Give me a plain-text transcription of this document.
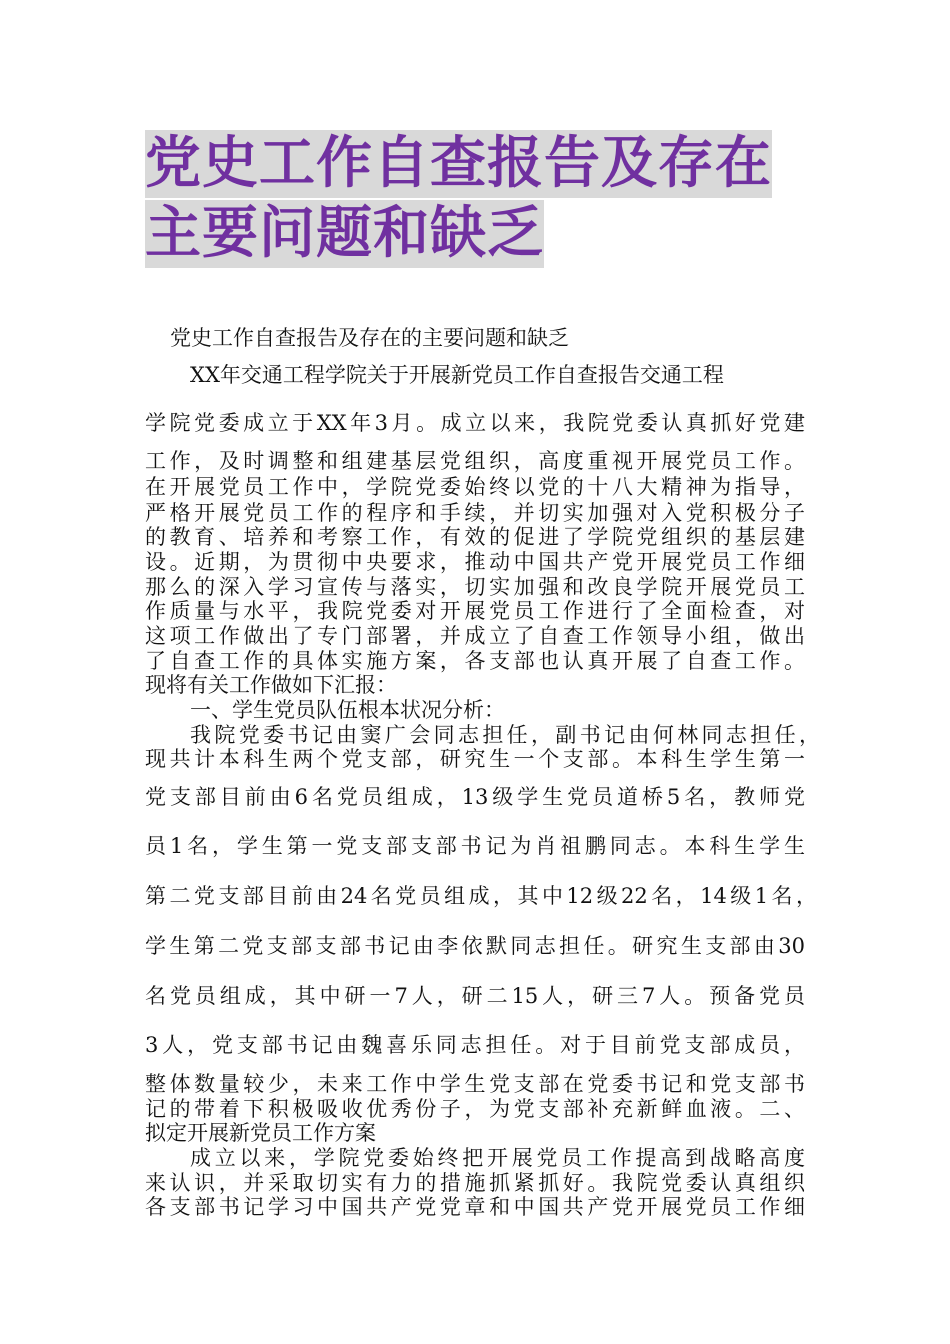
党史工作自查报告及存在
主要问题和缺乏
党史工作自查报告及存在的主要问题和缺乏
XX年交通工程学院关于开展新党员工作自查报告交通工程
学院党委成立于XX年3月。成立以来，我院党委认真抓好党建
工作，及时调整和组建基层党组织，高度重视开展党员工作。
在开展党员工作中，学院党委始终以党的十八大精神为指导，
严格开展党员工作的程序和手续，并切实加强对入党积极分子
的教育、培养和考察工作，有效的促进了学院党组织的基层建
设。近期，为贯彻中央要求，推动中国共产党开展党员工作细
那么的深入学习宣传与落实，切实加强和改良学院开展党员工
作质量与水平，我院党委对开展党员工作进行了全面检查，对
这项工作做出了专门部署，并成立了自查工作领导小组，做出
了自查工作的具体实施方案，各支部也认真开展了自查工作。
现将有关工作做如下汇报：
一、学生党员队伍根本状况分析：
我院党委书记由窦广会同志担任，副书记由何林同志担任，
现共计本科生两个党支部，研究生一个支部。本科生学生第一
党支部目前由6名党员组成，13级学生党员道桥5名，教师党
员1名，学生第一党支部支部书记为肖祖鹏同志。本科生学生
第二党支部目前由24名党员组成，其中12级22名，14级1名，
学生第二党支部支部书记由李依默同志担任。研究生支部由30
名党员组成，其中研一7人，研二15人，研三7人。预备党员
3人，党支部书记由魏喜乐同志担任。对于目前党支部成员，
整体数量较少，未来工作中学生党支部在党委书记和党支部书
记的带着下积极吸收优秀份子，为党支部补充新鲜血液。二、
拟定开展新党员工作方案
成立以来，学院党委始终把开展党员工作提高到战略高度
来认识，并采取切实有力的措施抓紧抓好。我院党委认真组织
各支部书记学习中国共产党党章和中国共产党开展党员工作细
